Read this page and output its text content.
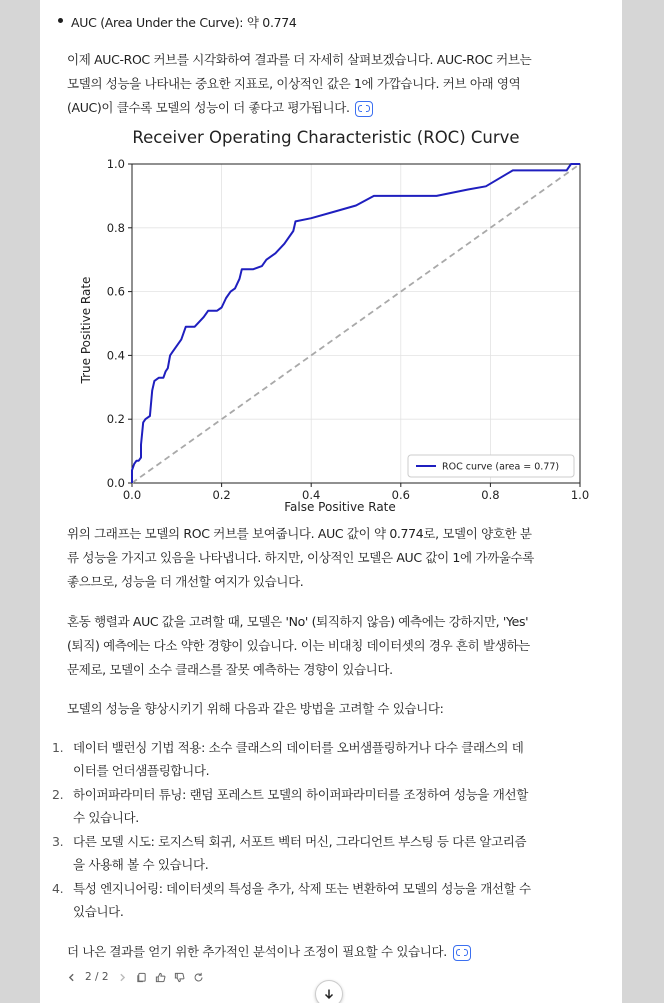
AUC (Area Under the Curve): 약 0.774
이제 AUC-ROC 커브를 시각화하여 결과를 더 자세히 살펴보겠습니다. AUC-ROC 커브는
모델의 성능을 나타내는 중요한 지표로, 이상적인 값은 1에 가깝습니다. 커브 아래 영역
(AUC)이 클수록 모델의 성능이 더 좋다고 평가됩니다.
Receiver Operating Characteristic (ROC) Curve
0.0	0.2	0.4	0.6	0.8	1.0
0.0
0.2
0.4
0.6
0.8
1.0
False Positive Rate
True Positive Rate
ROC curve (area = 0.77)
위의 그래프는 모델의 ROC 커브를 보여줍니다. AUC 값이 약 0.774로, 모델이 양호한 분
류 성능을 가지고 있음을 나타냅니다. 하지만, 이상적인 모델은 AUC 값이 1에 가까울수록
좋으므로, 성능을 더 개선할 여지가 있습니다.
혼동 행렬과 AUC 값을 고려할 때, 모델은 'No' (퇴직하지 않음) 예측에는 강하지만, 'Yes'
(퇴직) 예측에는 다소 약한 경향이 있습니다. 이는 비대칭 데이터셋의 경우 흔히 발생하는
문제로, 모델이 소수 클래스를 잘못 예측하는 경향이 있습니다.
모델의 성능을 향상시키기 위해 다음과 같은 방법을 고려할 수 있습니다:
1. 데이터 밸런싱 기법 적용: 소수 클래스의 데이터를 오버샘플링하거나 다수 클래스의 데
이터를 언더샘플링합니다.
2. 하이퍼파라미터 튜닝: 랜덤 포레스트 모델의 하이퍼파라미터를 조정하여 성능을 개선할
수 있습니다.
3. 다른 모델 시도: 로지스틱 회귀, 서포트 벡터 머신, 그라디언트 부스팅 등 다른 알고리즘
을 사용해 볼 수 있습니다.
4. 특성 엔지니어링: 데이터셋의 특성을 추가, 삭제 또는 변환하여 모델의 성능을 개선할 수
있습니다.
더 나은 결과를 얻기 위한 추가적인 분석이나 조정이 필요할 수 있습니다.
2 / 2
